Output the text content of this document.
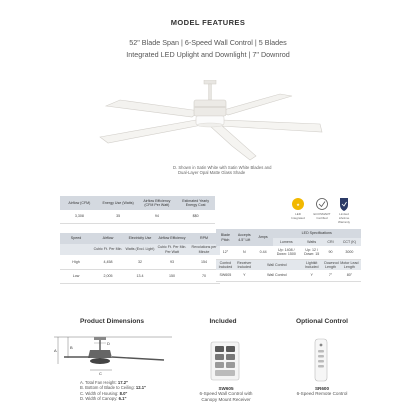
MODEL FEATURES
52" Blade Span | 6-Speed Wall Control | 5 Blades
Integrated LED Uplight and Downlight | 7" Downrod
D. Shown in Satin White with Satin White Blades and
Dual-Layer Opal Matte Glass Shade
Airflow (CFM)	Energy Use (Watts)	Airflow Efficiency (CFM Per Watt)	Estimated Yearly Energy Cost
3,308	35	94	$$0
★
LED Integrated
ECOSMART Certified
Limited Lifetime Warranty
Speed	Airflow	Electricity Use	Airflow Efficiency	RPM
	Cubic Ft. Per Min.	Watts (Excl. Light)	Cubic Ft. Per Min. Per Watt	Revolutions per Minute
High	4,458	32	93	154
Low	2,005	13.4	150	70
Blade Pitch	Accepts 4.5" Lift	Amps	LED Specifications			
			Lumens	Watts	CRI	CCT (K)
12°	N	0.44	Up: 1408 / Down: 1500	Up: 12 / Down: 15	90	3000
Control Included	Receiver Included	Wall Control		Lightkit Included	Downrod Length	Motor Lead Length
SW605	Y	Wall Control		Y	7"	80"
Product Dimensions	Included	Optional Control
A
B
C
D
A. Total Fan Height: 17.2"
B. Bottom of Blade to Ceiling: 12.1"
C. Width of Housing: 8.0"
D. Width of Canopy: 6.1"
SW605
6-Speed Wall Control with
Canopy Mount Receiver
SR600
6-Speed Remote Control
